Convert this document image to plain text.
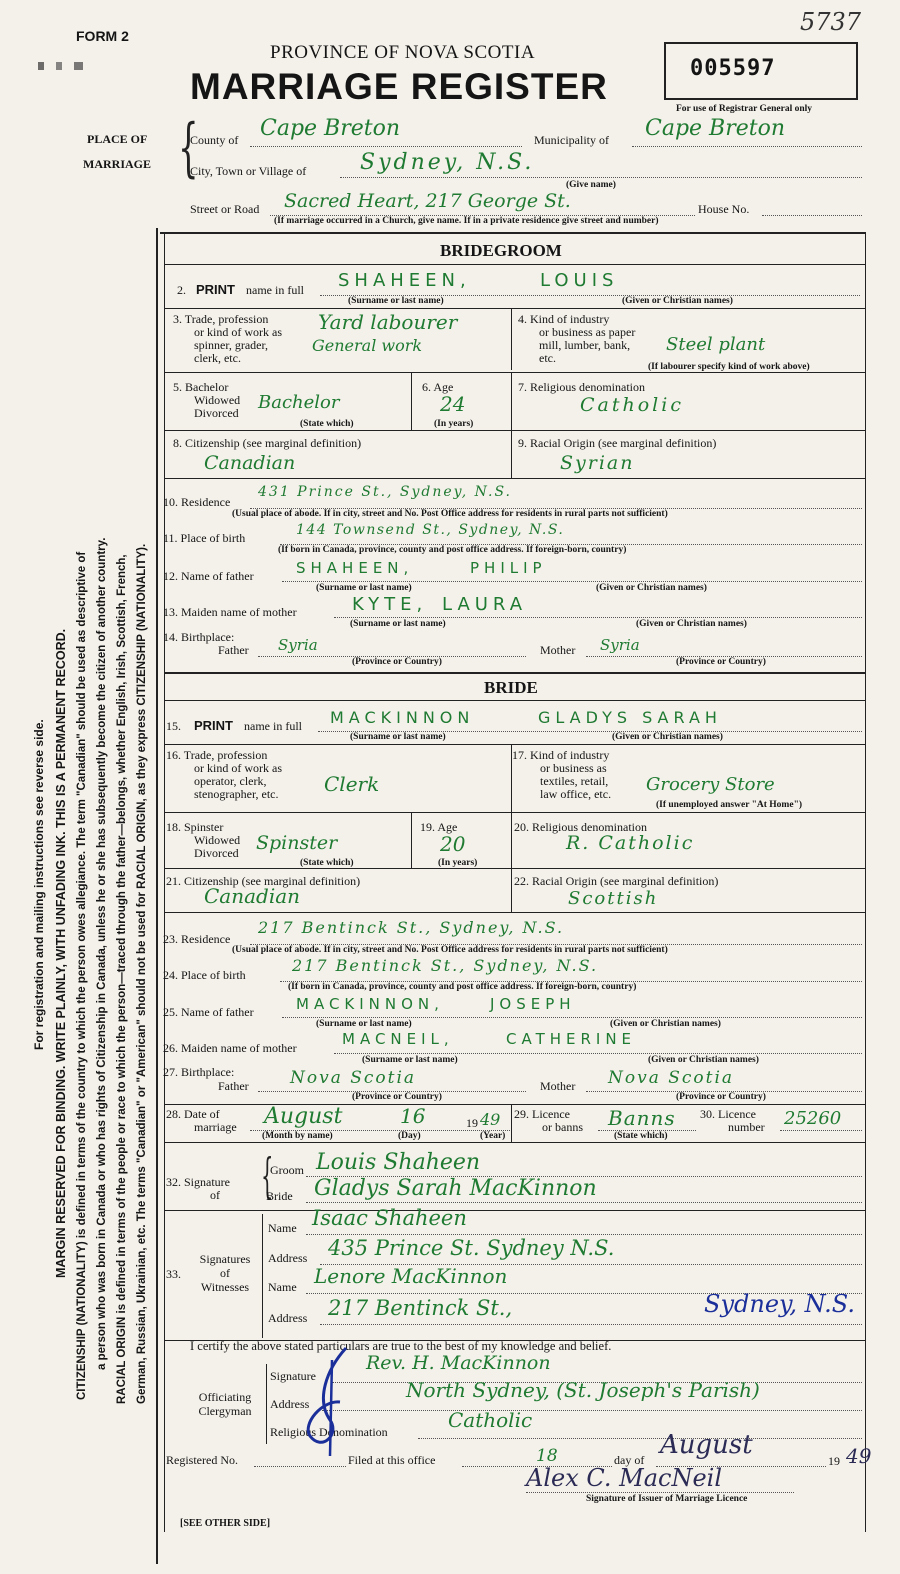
FORM 2
PROVINCE OF NOVA SCOTIA
MARRIAGE REGISTER	005597
For use of Registrar General only
5737
PLACE OF
MARRIAGE {
County of Cape Breton	Municipality of Cape Breton
City, Town or Village of Sydney, N.S.
(Give name)
Street or Road Sacred Heart, 217 George St.	House No.
(If marriage occurred in a Church, give name. If in a private residence give street and number)
BRIDEGROOM
2. PRINT name in full SHAHEEN,	LOUIS
(Surname or last name)	(Given or Christian names)
3. Trade, profession
or kind of work as
spinner, grader,
clerk, etc.
Yard labourer
General work
4. Kind of industry
or business as paper
mill, lumber, bank,
etc.
Steel plant
(If labourer specify kind of work above)
5. Bachelor
Widowed
Divorced Bachelor
(State which)
6. Age
24
(In years)
7. Religious denomination
Catholic
8. Citizenship (see marginal definition)
Canadian
9. Racial Origin (see marginal definition)
Syrian
10. Residence
431 Prince St., Sydney, N.S.
(Usual place of abode. If in city, street and No. Post Office address for residents in rural parts not sufficient)
11. Place of birth	144 Townsend St., Sydney, N.S.
(If born in Canada, province, county and post office address. If foreign-born, country)
12. Name of father	SHAHEEN,	PHILIP
(Surname or last name)	(Given or Christian names)
13. Maiden name of mother	KYTE, LAURA
(Surname or last name)	(Given or Christian names)
14. Birthplace:
Father Syria	Mother Syria
(Province or Country)	(Province or Country)
BRIDE
15. PRINT name in full MACKINNON	GLADYS SARAH
(Surname or last name)	(Given or Christian names)
16. Trade, profession
or kind of work as
operator, clerk,
stenographer, etc. Clerk
17. Kind of industry
or business as
textiles, retail,
law office, etc. Grocery Store
(If unemployed answer "At Home")
18. Spinster
Widowed
Divorced Spinster
(State which)
19. Age
20
(In years)
20. Religious denomination
R. Catholic
21. Citizenship (see marginal definition)
Canadian
22. Racial Origin (see marginal definition)
Scottish
23. Residence
217 Bentinck St., Sydney, N.S.
(Usual place of abode. If in city, street and No. Post Office address for residents in rural parts not sufficient)
24. Place of birth	217 Bentinck St., Sydney, N.S.
(If born in Canada, province, county and post office address. If foreign-born, country)
25. Name of father	MACKINNON,	JOSEPH
(Surname or last name)	(Given or Christian names)
26. Maiden name of mother	MACNEIL,	CATHERINE
(Surname or last name)	(Given or Christian names)
27. Birthplace:
Father Nova Scotia	Mother Nova Scotia
(Province or Country)	(Province or Country)
28. Date of
marriage August	16	19 49
(Month by name)	(Day)	(Year)
29. Licence
or banns Banns
(State which)
30. Licence
number 25260
32. Signature
of {
Groom Louis Shaheen
Bride Gladys Sarah MacKinnon
33.
Signatures
of
Witnesses
Name Isaac Shaheen
Address 435 Prince St. Sydney N.S.
Name Lenore MacKinnon
Address 217 Bentinck St.,	Sydney, N.S.
I certify the above stated particulars are true to the best of my knowledge and belief.
Officiating
Clergyman
Signature
Rev. H. MacKinnon
Address
North Sydney, (St. Joseph's Parish)
Religious Denomination	Catholic
Registered No.	Filed at this office	18	day of August
19 49
Alex C. MacNeil
Signature of Issuer of Marriage Licence
[SEE OTHER SIDE]
For registration and mailing instructions see reverse side. MARGIN RESERVED FOR BINDING. WRITE PLAINLY, WITH UNFADING INK. THIS IS A PERMANENT RECORD. CITIZENSHIP (NATIONALITY) is defined in terms of the country to which the person owes allegiance. The term "Canadian" should be used as descriptive of a person who was born in Canada or who has rights of Citizenship in Canada, unless he or she has subsequently become the citizen of another country. RACIAL ORIGIN is defined in terms of the people or race to which the person—traced through the father—belongs, whether English, Irish, Scottish, French, German, Russian, Ukrainian, etc. The terms "Canadian" or "American" should not be used for RACIAL ORIGIN, as they express CITIZENSHIP (NATIONALITY).
